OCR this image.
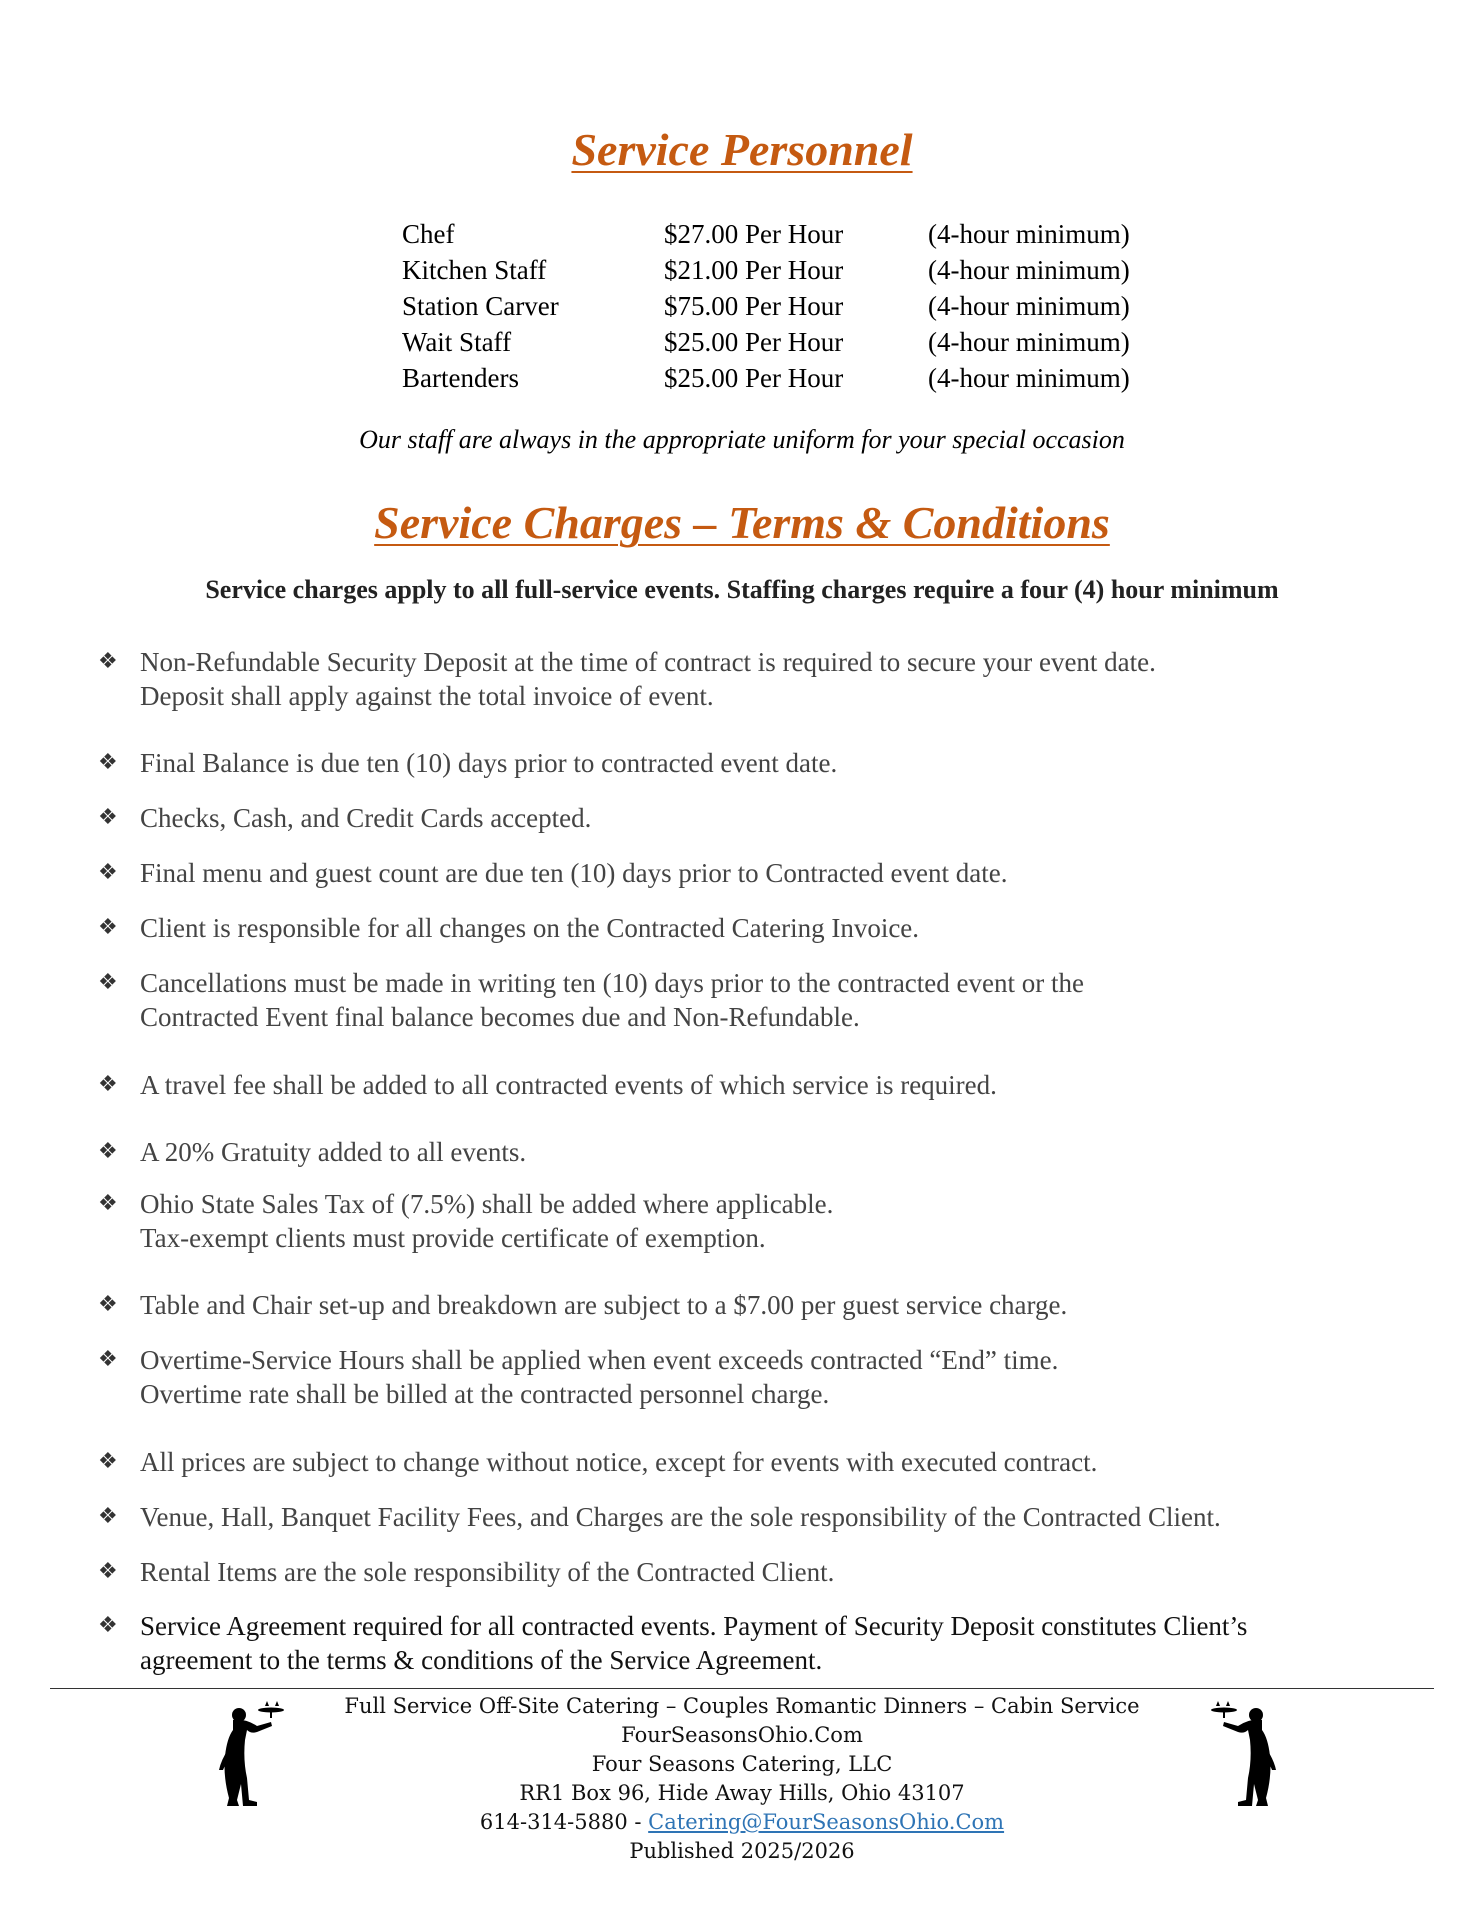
Service Personnel
Chef	$27.00 Per Hour	(4-hour minimum)
Kitchen Staff	$21.00 Per Hour	(4-hour minimum)
Station Carver	$75.00 Per Hour	(4-hour minimum)
Wait Staff	$25.00 Per Hour	(4-hour minimum)
Bartenders	$25.00 Per Hour	(4-hour minimum)

Our staff are always in the appropriate uniform for your special occasion

Service Charges – Terms & Conditions

Service charges apply to all full-service events. Staffing charges require a four (4) hour minimum

❖ Non-Refundable Security Deposit at the time of contract is required to secure your event date.
Deposit shall apply against the total invoice of event.
❖ Final Balance is due ten (10) days prior to contracted event date.
❖ Checks, Cash, and Credit Cards accepted.
❖ Final menu and guest count are due ten (10) days prior to Contracted event date.
❖ Client is responsible for all changes on the Contracted Catering Invoice.
❖ Cancellations must be made in writing ten (10) days prior to the contracted event or the
Contracted Event final balance becomes due and Non-Refundable.
❖ A travel fee shall be added to all contracted events of which service is required.
❖ A 20% Gratuity added to all events.
❖ Ohio State Sales Tax of (7.5%) shall be added where applicable.
Tax-exempt clients must provide certificate of exemption.
❖ Table and Chair set-up and breakdown are subject to a $7.00 per guest service charge.
❖ Overtime-Service Hours shall be applied when event exceeds contracted “End” time.
Overtime rate shall be billed at the contracted personnel charge.
❖ All prices are subject to change without notice, except for events with executed contract.
❖ Venue, Hall, Banquet Facility Fees, and Charges are the sole responsibility of the Contracted Client.
❖ Rental Items are the sole responsibility of the Contracted Client.
❖ Service Agreement required for all contracted events. Payment of Security Deposit constitutes Client’s
agreement to the terms & conditions of the Service Agreement.
Full Service Off-Site Catering – Couples Romantic Dinners – Cabin Service
FourSeasonsOhio.Com
Four Seasons Catering, LLC
RR1 Box 96, Hide Away Hills, Ohio 43107
614-314-5880 - Catering@FourSeasonsOhio.Com
Published 2025/2026
